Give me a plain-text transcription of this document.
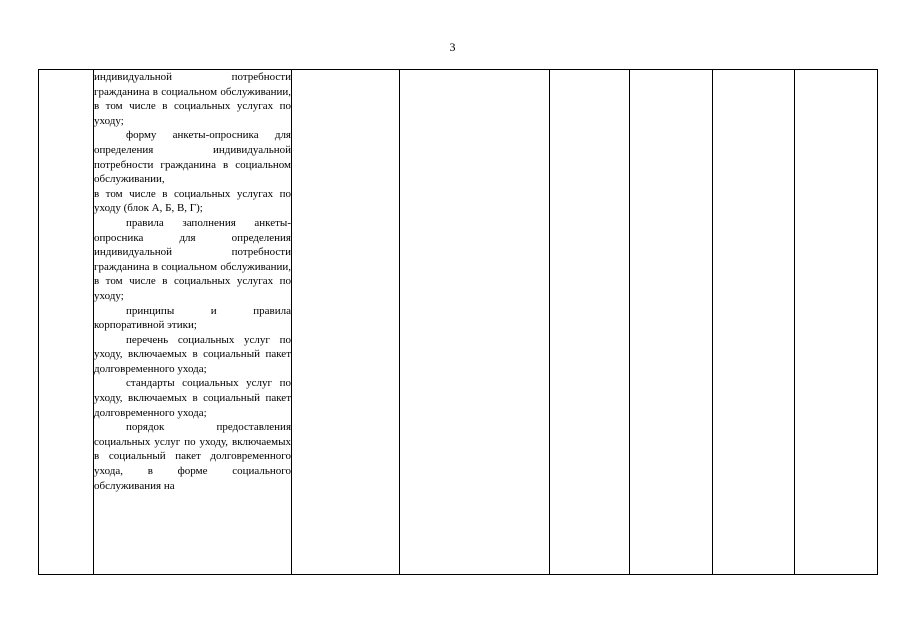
3

индивидуальной потребности гражданина в социальном обслуживании, в том числе в социальных услугах по уходу;

форму анкеты-опросника для определения индивидуальной потребности гражданина в социальном обслуживании,

в том числе в социальных услугах по уходу (блок А, Б, В, Г);

правила заполнения анкеты-опросника для определения индивидуальной потребности гражданина в социальном обслуживании, в том числе в социальных услугах по уходу;

принципы и правила корпоративной этики;

перечень социальных услуг по уходу, включаемых в социальный пакет долговременного ухода;

стандарты социальных услуг по уходу, включаемых в социальный пакет долговременного ухода;

порядок предоставления социальных услуг по уходу, включаемых в социальный пакет долговременного ухода, в форме социального обслуживания на
